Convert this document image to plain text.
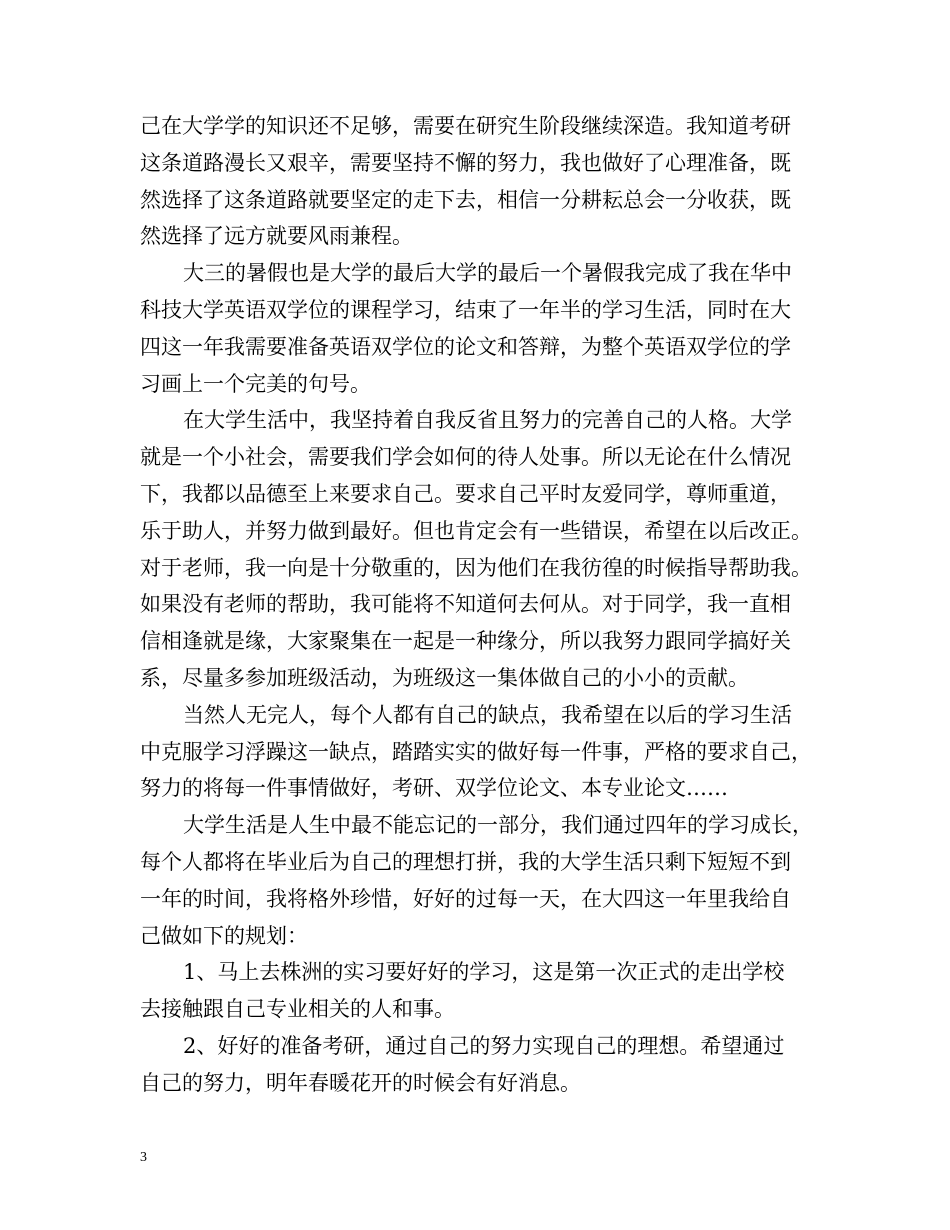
己在大学学的知识还不足够，需要在研究生阶段继续深造。我知道考研
这条道路漫长又艰辛，需要坚持不懈的努力，我也做好了心理准备，既
然选择了这条道路就要坚定的走下去，相信一分耕耘总会一分收获，既
然选择了远方就要风雨兼程。
大三的暑假也是大学的最后大学的最后一个暑假我完成了我在华中
科技大学英语双学位的课程学习，结束了一年半的学习生活，同时在大
四这一年我需要准备英语双学位的论文和答辩，为整个英语双学位的学
习画上一个完美的句号。
在大学生活中，我坚持着自我反省且努力的完善自己的人格。大学
就是一个小社会，需要我们学会如何的待人处事。所以无论在什么情况
下，我都以品德至上来要求自己。要求自己平时友爱同学，尊师重道，
乐于助人，并努力做到最好。但也肯定会有一些错误，希望在以后改正。
对于老师，我一向是十分敬重的，因为他们在我彷徨的时候指导帮助我。
如果没有老师的帮助，我可能将不知道何去何从。对于同学，我一直相
信相逢就是缘，大家聚集在一起是一种缘分，所以我努力跟同学搞好关
系，尽量多参加班级活动，为班级这一集体做自己的小小的贡献。
当然人无完人，每个人都有自己的缺点，我希望在以后的学习生活
中克服学习浮躁这一缺点，踏踏实实的做好每一件事，严格的要求自己，
努力的将每一件事情做好，考研、双学位论文、本专业论文……
大学生活是人生中最不能忘记的一部分，我们通过四年的学习成长，
每个人都将在毕业后为自己的理想打拼，我的大学生活只剩下短短不到
一年的时间，我将格外珍惜，好好的过每一天，在大四这一年里我给自
己做如下的规划：
1、马上去株洲的实习要好好的学习，这是第一次正式的走出学校
去接触跟自己专业相关的人和事。
2、好好的准备考研，通过自己的努力实现自己的理想。希望通过
自己的努力，明年春暖花开的时候会有好消息。
3
